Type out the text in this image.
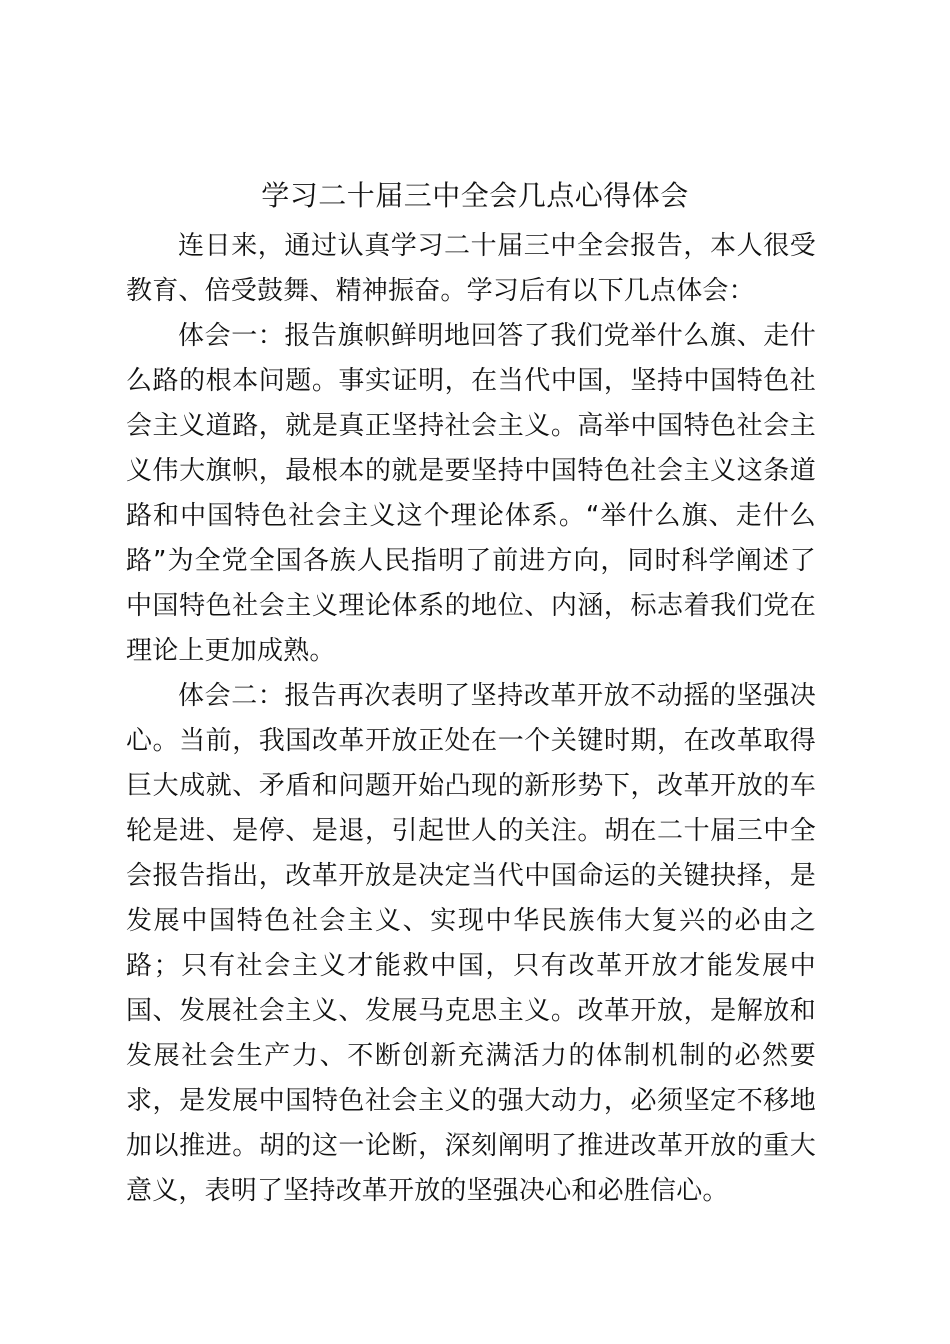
学习二十届三中全会几点心得体会

连日来，通过认真学习二十届三中全会报告，本人很受教育、倍受鼓舞、精神振奋。学习后有以下几点体会：

体会一：报告旗帜鲜明地回答了我们党举什么旗、走什么路的根本问题。事实证明，在当代中国，坚持中国特色社会主义道路，就是真正坚持社会主义。高举中国特色社会主义伟大旗帜，最根本的就是要坚持中国特色社会主义这条道路和中国特色社会主义这个理论体系。“举什么旗、走什么路”为全党全国各族人民指明了前进方向，同时科学阐述了中国特色社会主义理论体系的地位、内涵，标志着我们党在理论上更加成熟。

体会二：报告再次表明了坚持改革开放不动摇的坚强决心。当前，我国改革开放正处在一个关键时期，在改革取得巨大成就、矛盾和问题开始凸现的新形势下，改革开放的车轮是进、是停、是退，引起世人的关注。胡在二十届三中全会报告指出，改革开放是决定当代中国命运的关键抉择，是发展中国特色社会主义、实现中华民族伟大复兴的必由之路；只有社会主义才能救中国，只有改革开放才能发展中国、发展社会主义、发展马克思主义。改革开放，是解放和发展社会生产力、不断创新充满活力的体制机制的必然要求，是发展中国特色社会主义的强大动力，必须坚定不移地加以推进。胡的这一论断，深刻阐明了推进改革开放的重大意义，表明了坚持改革开放的坚强决心和必胜信心。
